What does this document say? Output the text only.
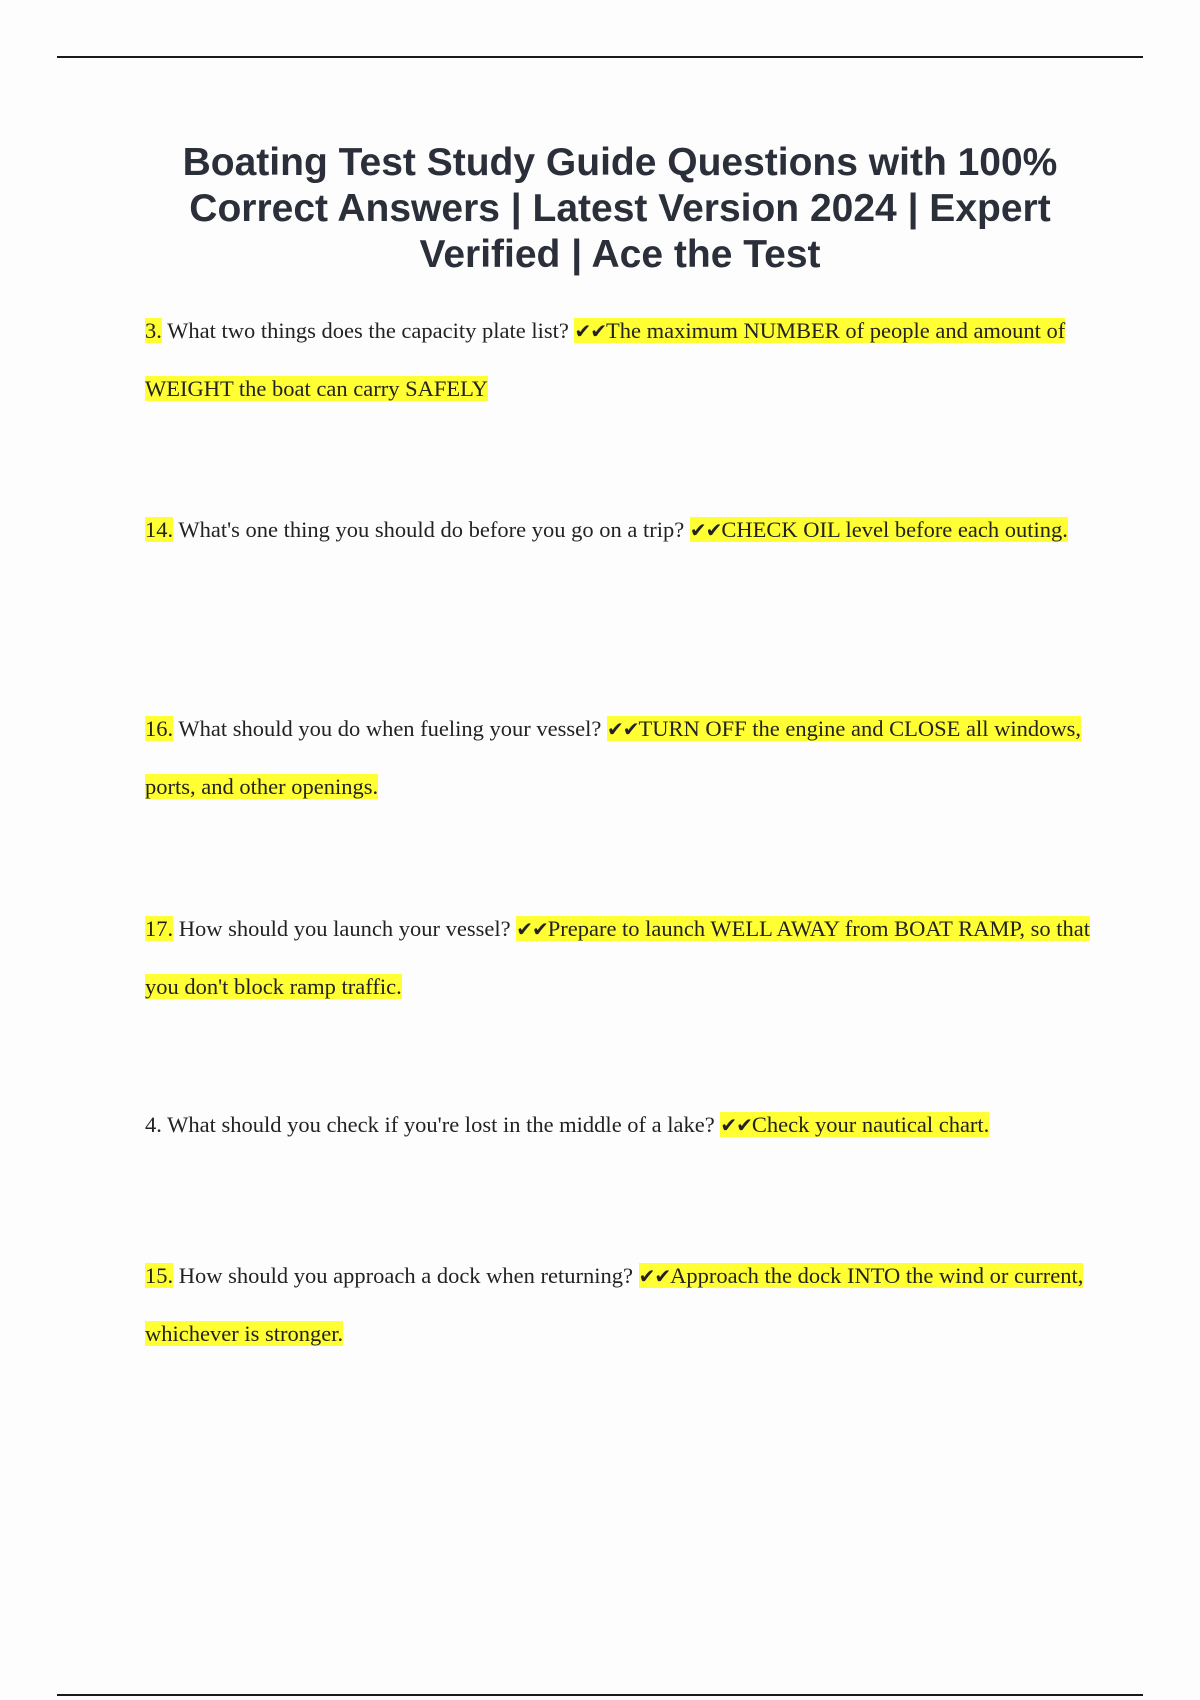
Boating Test Study Guide Questions with 100% Correct Answers | Latest Version 2024 | Expert Verified | Ace the Test

3. What two things does the capacity plate list? ✔✔The maximum NUMBER of people and amount of WEIGHT the boat can carry SAFELY

14. What's one thing you should do before you go on a trip? ✔✔CHECK OIL level before each outing.

16. What should you do when fueling your vessel? ✔✔TURN OFF the engine and CLOSE all windows, ports, and other openings.

17. How should you launch your vessel? ✔✔Prepare to launch WELL AWAY from BOAT RAMP, so that you don't block ramp traffic.

4. What should you check if you're lost in the middle of a lake? ✔✔Check your nautical chart.

15. How should you approach a dock when returning? ✔✔Approach the dock INTO the wind or current, whichever is stronger.
